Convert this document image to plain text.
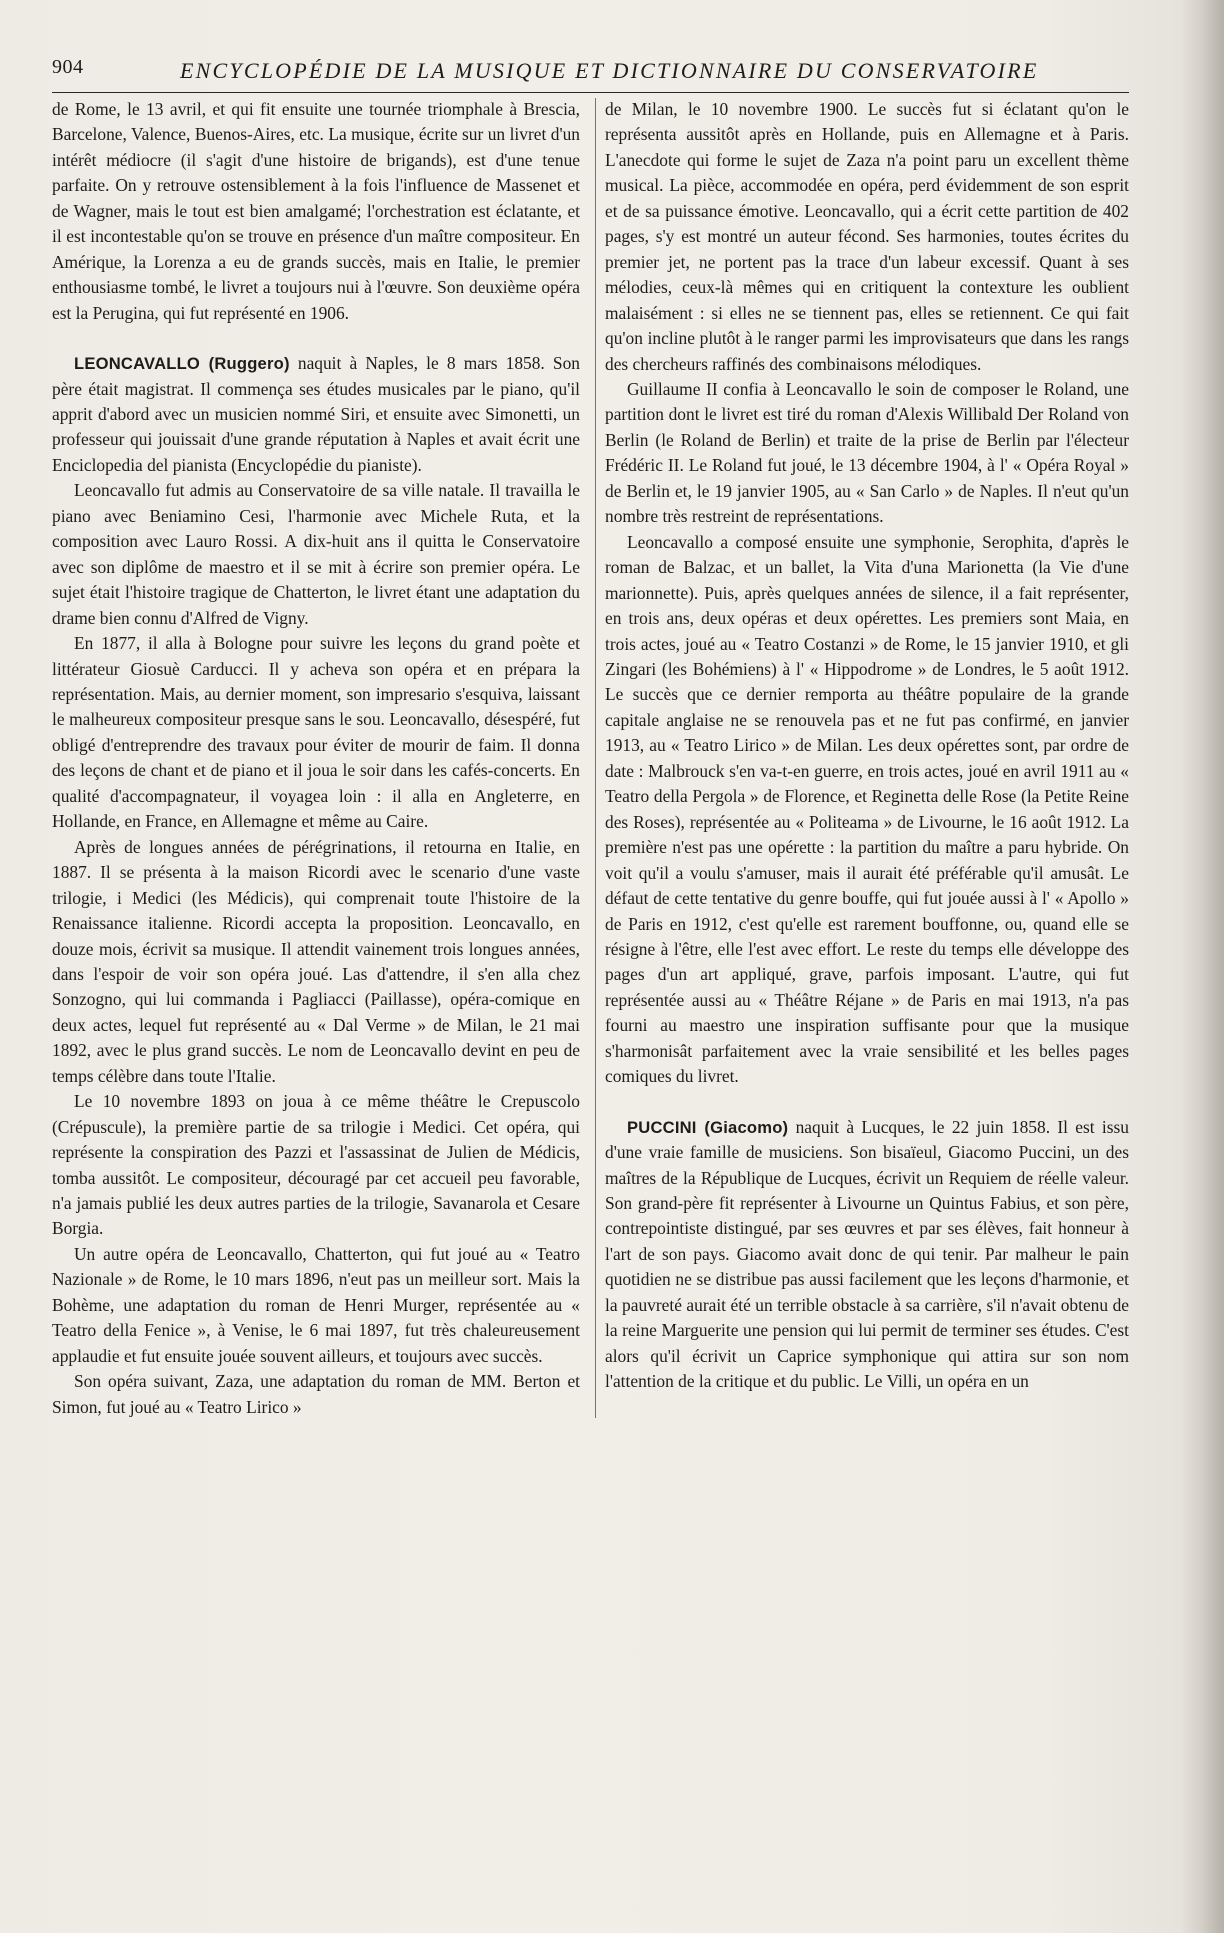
904	ENCYCLOPÉDIE DE LA MUSIQUE ET DICTIONNAIRE DU CONSERVATOIRE

de Rome, le 13 avril, et qui fit ensuite une tournée triomphale à Brescia, Barcelone, Valence, Buenos-Aires, etc. La musique, écrite sur un livret d'un intérêt médiocre (il s'agit d'une histoire de brigands), est d'une tenue parfaite. On y retrouve ostensiblement à la fois l'influence de Massenet et de Wagner, mais le tout est bien amalgamé; l'orchestration est éclatante, et il est incontestable qu'on se trouve en présence d'un maître compositeur. En Amérique, la Lorenza a eu de grands succès, mais en Italie, le premier enthousiasme tombé, le livret a toujours nui à l'œuvre. Son deuxième opéra est la Perugina, qui fut représenté en 1906.

LEONCAVALLO (Ruggero) naquit à Naples, le 8 mars 1858. Son père était magistrat. Il commença ses études musicales par le piano, qu'il apprit d'abord avec un musicien nommé Siri, et ensuite avec Simonetti, un professeur qui jouissait d'une grande réputation à Naples et avait écrit une Enciclopedia del pianista (Encyclopédie du pianiste).

Leoncavallo fut admis au Conservatoire de sa ville natale. Il travailla le piano avec Beniamino Cesi, l'harmonie avec Michele Ruta, et la composition avec Lauro Rossi. A dix-huit ans il quitta le Conservatoire avec son diplôme de maestro et il se mit à écrire son premier opéra. Le sujet était l'histoire tragique de Chatterton, le livret étant une adaptation du drame bien connu d'Alfred de Vigny.

En 1877, il alla à Bologne pour suivre les leçons du grand poète et littérateur Giosuè Carducci. Il y acheva son opéra et en prépara la représentation. Mais, au dernier moment, son impresario s'esquiva, laissant le malheureux compositeur presque sans le sou. Leoncavallo, désespéré, fut obligé d'entreprendre des travaux pour éviter de mourir de faim. Il donna des leçons de chant et de piano et il joua le soir dans les cafés-concerts. En qualité d'accompagnateur, il voyagea loin : il alla en Angleterre, en Hollande, en France, en Allemagne et même au Caire.

Après de longues années de pérégrinations, il retourna en Italie, en 1887. Il se présenta à la maison Ricordi avec le scenario d'une vaste trilogie, i Medici (les Médicis), qui comprenait toute l'histoire de la Renaissance italienne. Ricordi accepta la proposition. Leoncavallo, en douze mois, écrivit sa musique. Il attendit vainement trois longues années, dans l'espoir de voir son opéra joué. Las d'attendre, il s'en alla chez Sonzogno, qui lui commanda i Pagliacci (Paillasse), opéra-comique en deux actes, lequel fut représenté au « Dal Verme » de Milan, le 21 mai 1892, avec le plus grand succès. Le nom de Leoncavallo devint en peu de temps célèbre dans toute l'Italie.

Le 10 novembre 1893 on joua à ce même théâtre le Crepuscolo (Crépuscule), la première partie de sa trilogie i Medici. Cet opéra, qui représente la conspiration des Pazzi et l'assassinat de Julien de Médicis, tomba aussitôt. Le compositeur, découragé par cet accueil peu favorable, n'a jamais publié les deux autres parties de la trilogie, Savanarola et Cesare Borgia.

Un autre opéra de Leoncavallo, Chatterton, qui fut joué au « Teatro Nazionale » de Rome, le 10 mars 1896, n'eut pas un meilleur sort. Mais la Bohème, une adaptation du roman de Henri Murger, représentée au « Teatro della Fenice », à Venise, le 6 mai 1897, fut très chaleureusement applaudie et fut ensuite jouée souvent ailleurs, et toujours avec succès.

Son opéra suivant, Zaza, une adaptation du roman de MM. Berton et Simon, fut joué au « Teatro Lirico »

de Milan, le 10 novembre 1900. Le succès fut si éclatant qu'on le représenta aussitôt après en Hollande, puis en Allemagne et à Paris. L'anecdote qui forme le sujet de Zaza n'a point paru un excellent thème musical. La pièce, accommodée en opéra, perd évidemment de son esprit et de sa puissance émotive. Leoncavallo, qui a écrit cette partition de 402 pages, s'y est montré un auteur fécond. Ses harmonies, toutes écrites du premier jet, ne portent pas la trace d'un labeur excessif. Quant à ses mélodies, ceux-là mêmes qui en critiquent la contexture les oublient malaisément : si elles ne se tiennent pas, elles se retiennent. Ce qui fait qu'on incline plutôt à le ranger parmi les improvisateurs que dans les rangs des chercheurs raffinés des combinaisons mélodiques.

Guillaume II confia à Leoncavallo le soin de composer le Roland, une partition dont le livret est tiré du roman d'Alexis Willibald Der Roland von Berlin (le Roland de Berlin) et traite de la prise de Berlin par l'électeur Frédéric II. Le Roland fut joué, le 13 décembre 1904, à l' « Opéra Royal » de Berlin et, le 19 janvier 1905, au « San Carlo » de Naples. Il n'eut qu'un nombre très restreint de représentations.

Leoncavallo a composé ensuite une symphonie, Serophita, d'après le roman de Balzac, et un ballet, la Vita d'una Marionetta (la Vie d'une marionnette). Puis, après quelques années de silence, il a fait représenter, en trois ans, deux opéras et deux opérettes. Les premiers sont Maia, en trois actes, joué au « Teatro Costanzi » de Rome, le 15 janvier 1910, et gli Zingari (les Bohémiens) à l' « Hippodrome » de Londres, le 5 août 1912. Le succès que ce dernier remporta au théâtre populaire de la grande capitale anglaise ne se renouvela pas et ne fut pas confirmé, en janvier 1913, au « Teatro Lirico » de Milan. Les deux opérettes sont, par ordre de date : Malbrouck s'en va-t-en guerre, en trois actes, joué en avril 1911 au « Teatro della Pergola » de Florence, et Reginetta delle Rose (la Petite Reine des Roses), représentée au « Politeama » de Livourne, le 16 août 1912. La première n'est pas une opérette : la partition du maître a paru hybride. On voit qu'il a voulu s'amuser, mais il aurait été préférable qu'il amusât. Le défaut de cette tentative du genre bouffe, qui fut jouée aussi à l' « Apollo » de Paris en 1912, c'est qu'elle est rarement bouffonne, ou, quand elle se résigne à l'être, elle l'est avec effort. Le reste du temps elle développe des pages d'un art appliqué, grave, parfois imposant. L'autre, qui fut représentée aussi au « Théâtre Réjane » de Paris en mai 1913, n'a pas fourni au maestro une inspiration suffisante pour que la musique s'harmonisât parfaitement avec la vraie sensibilité et les belles pages comiques du livret.

PUCCINI (Giacomo) naquit à Lucques, le 22 juin 1858. Il est issu d'une vraie famille de musiciens. Son bisaïeul, Giacomo Puccini, un des maîtres de la République de Lucques, écrivit un Requiem de réelle valeur. Son grand-père fit représenter à Livourne un Quintus Fabius, et son père, contrepointiste distingué, par ses œuvres et par ses élèves, fait honneur à l'art de son pays. Giacomo avait donc de qui tenir. Par malheur le pain quotidien ne se distribue pas aussi facilement que les leçons d'harmonie, et la pauvreté aurait été un terrible obstacle à sa carrière, s'il n'avait obtenu de la reine Marguerite une pension qui lui permit de terminer ses études. C'est alors qu'il écrivit un Caprice symphonique qui attira sur son nom l'attention de la critique et du public. Le Villi, un opéra en un
